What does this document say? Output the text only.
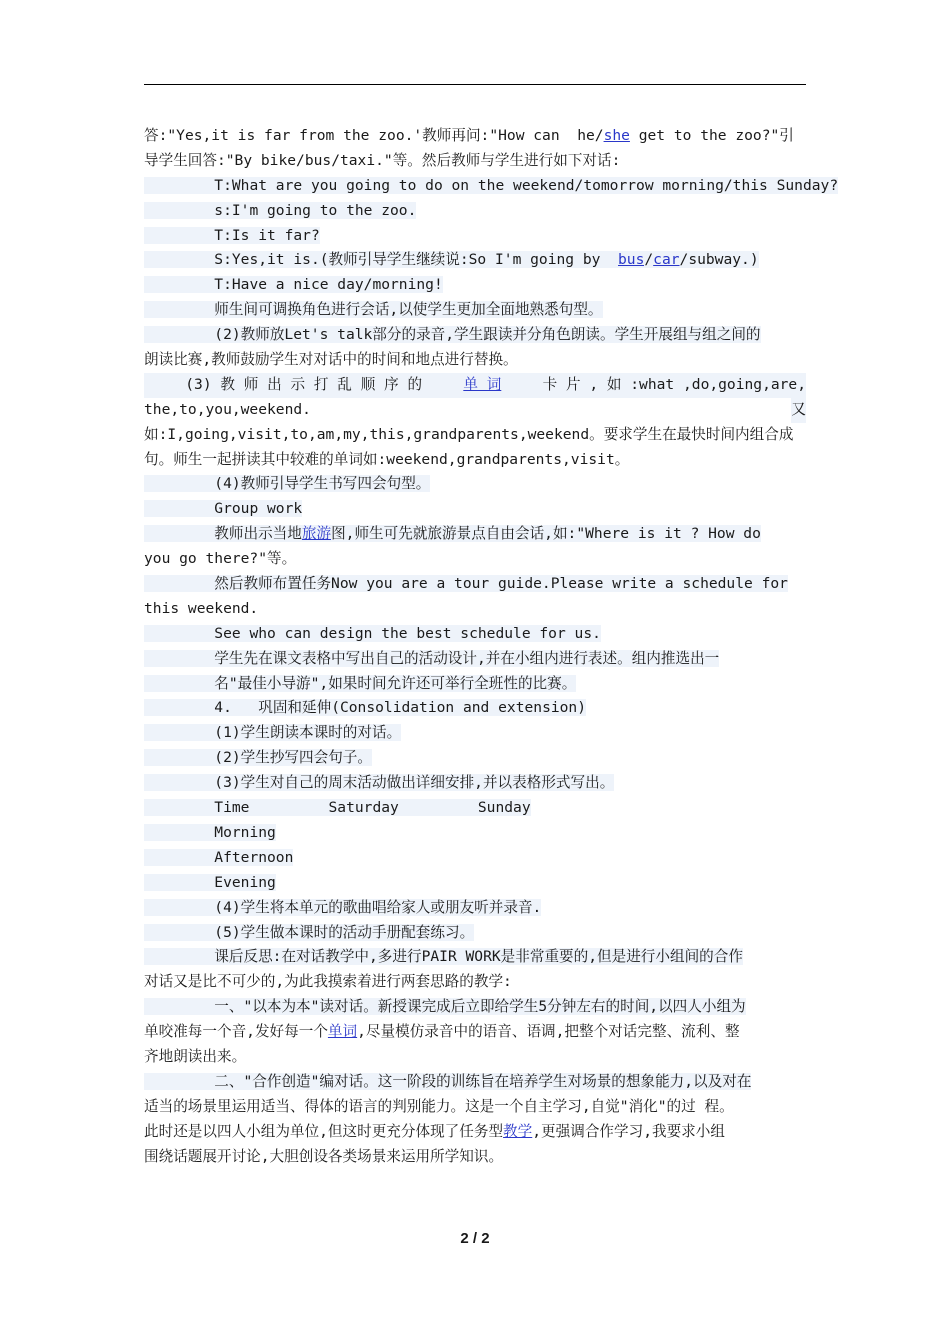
答:"Yes,it is far from the zoo.'教师再问:"How can  he/she get to the zoo?"引
导学生回答:"By bike/bus/taxi."等。然后教师与学生进行如下对话:
T:What are you going to do on the weekend/tomorrow morning/this Sunday?
s:I'm going to the zoo.
T:Is it far?
S:Yes,it is.(教师引导学生继续说:So I'm going by  bus/car/subway.)
T:Have a nice day/morning!
师生间可调换角色进行会话,以使学生更加全面地熟悉句型。
(2)教师放Let's talk部分的录音,学生跟读并分角色朗读。学生开展组与组之间的
朗读比赛,教师鼓励学生对对话中的时间和地点进行替换。
(3) 教 师 出 示 打 乱 顺 序 的	单 词	卡 片 , 如 :what ,do,going,are,
the,to,you,weekend.	又
如:I,going,visit,to,am,my,this,grandparents,weekend。要求学生在最快时间内组合成
句。师生一起拼读其中较难的单词如:weekend,grandparents,visit。
(4)教师引导学生书写四会句型。
Group work
教师出示当地旅游图,师生可先就旅游景点自由会话,如:"Where is it ? How do
you go there?"等。
然后教师布置任务Now you are a tour guide.Please write a schedule for
this weekend.
See who can design the best schedule for us.
学生先在课文表格中写出自己的活动设计,并在小组内进行表述。组内推选出一
名"最佳小导游",如果时间允许还可举行全班性的比赛。
4.   巩固和延伸(Consolidation and extension)
(1)学生朗读本课时的对话。
(2)学生抄写四会句子。
(3)学生对自己的周末活动做出详细安排,并以表格形式写出。
Time         Saturday         Sunday
Morning
Afternoon
Evening
(4)学生将本单元的歌曲唱给家人或朋友听并录音.
(5)学生做本课时的活动手册配套练习。
课后反思:在对话教学中,多进行PAIR WORK是非常重要的,但是进行小组间的合作
对话又是比不可少的,为此我摸索着进行两套思路的教学:
一、"以本为本"读对话。新授课完成后立即给学生5分钟左右的时间,以四人小组为
单咬准每一个音,发好每一个单词,尽量模仿录音中的语音、语调,把整个对话完整、流利、整
齐地朗读出来。
二、"合作创造"编对话。这一阶段的训练旨在培养学生对场景的想象能力,以及对在
适当的场景里运用适当、得体的语言的判别能力。这是一个自主学习,自觉"消化"的过 程。
此时还是以四人小组为单位,但这时更充分体现了任务型教学,更强调合作学习,我要求小组
围绕话题展开讨论,大胆创设各类场景来运用所学知识。
2 / 2
